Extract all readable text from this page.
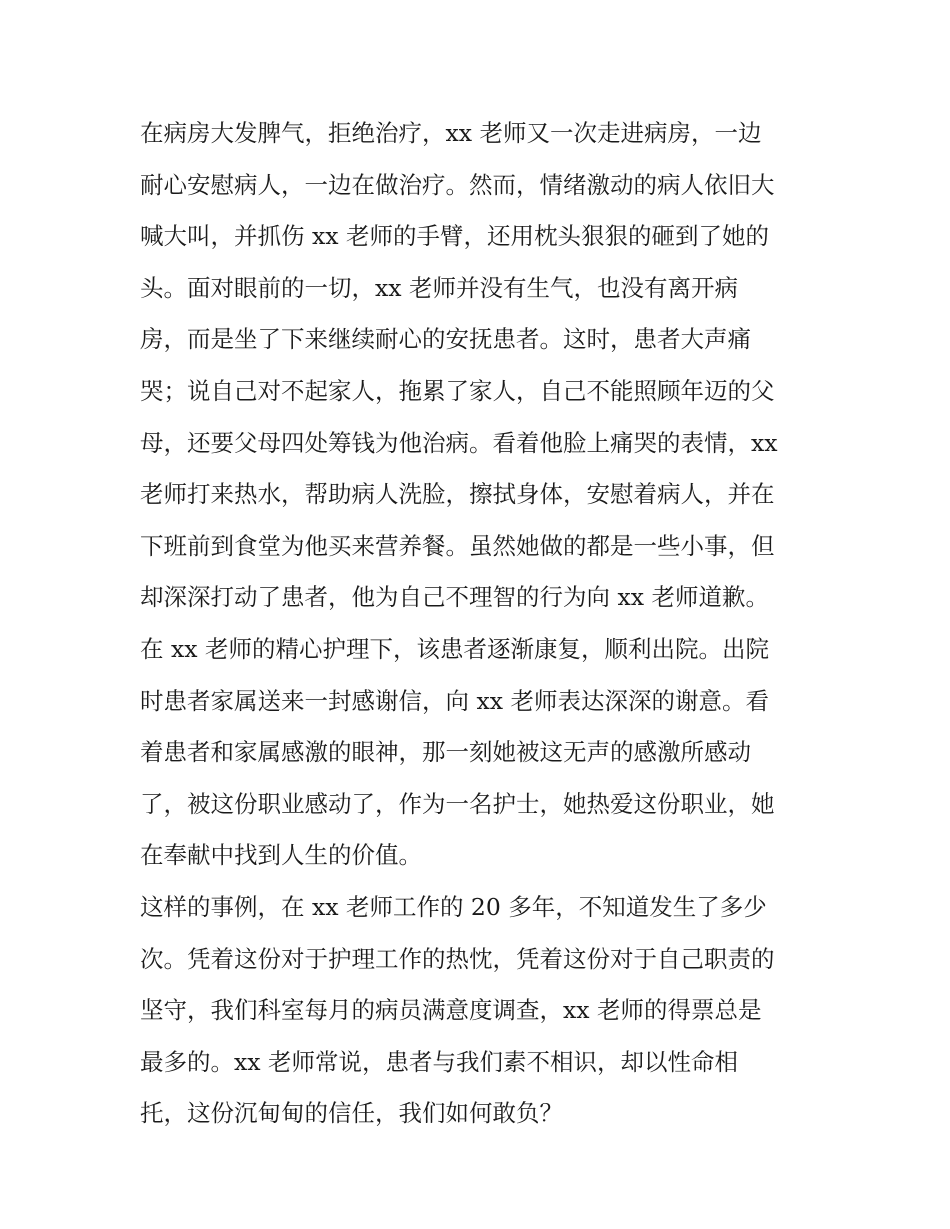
在病房大发脾气，拒绝治疗，xx 老师又一次走进病房，一边
耐心安慰病人，一边在做治疗。然而，情绪激动的病人依旧大
喊大叫，并抓伤 xx 老师的手臂，还用枕头狠狠的砸到了她的
头。面对眼前的一切，xx 老师并没有生气，也没有离开病
房，而是坐了下来继续耐心的安抚患者。这时，患者大声痛
哭；说自己对不起家人，拖累了家人，自己不能照顾年迈的父
母，还要父母四处筹钱为他治病。看着他脸上痛哭的表情，xx
老师打来热水，帮助病人洗脸，擦拭身体，安慰着病人，并在
下班前到食堂为他买来营养餐。虽然她做的都是一些小事，但
却深深打动了患者，他为自己不理智的行为向 xx 老师道歉。
在 xx 老师的精心护理下，该患者逐渐康复，顺利出院。出院
时患者家属送来一封感谢信，向 xx 老师表达深深的谢意。看
着患者和家属感激的眼神，那一刻她被这无声的感激所感动
了，被这份职业感动了，作为一名护士，她热爱这份职业，她
在奉献中找到人生的价值。
这样的事例，在 xx 老师工作的 20 多年，不知道发生了多少
次。凭着这份对于护理工作的热忱，凭着这份对于自己职责的
坚守，我们科室每月的病员满意度调查，xx 老师的得票总是
最多的。xx 老师常说，患者与我们素不相识，却以性命相
托，这份沉甸甸的信任，我们如何敢负？
